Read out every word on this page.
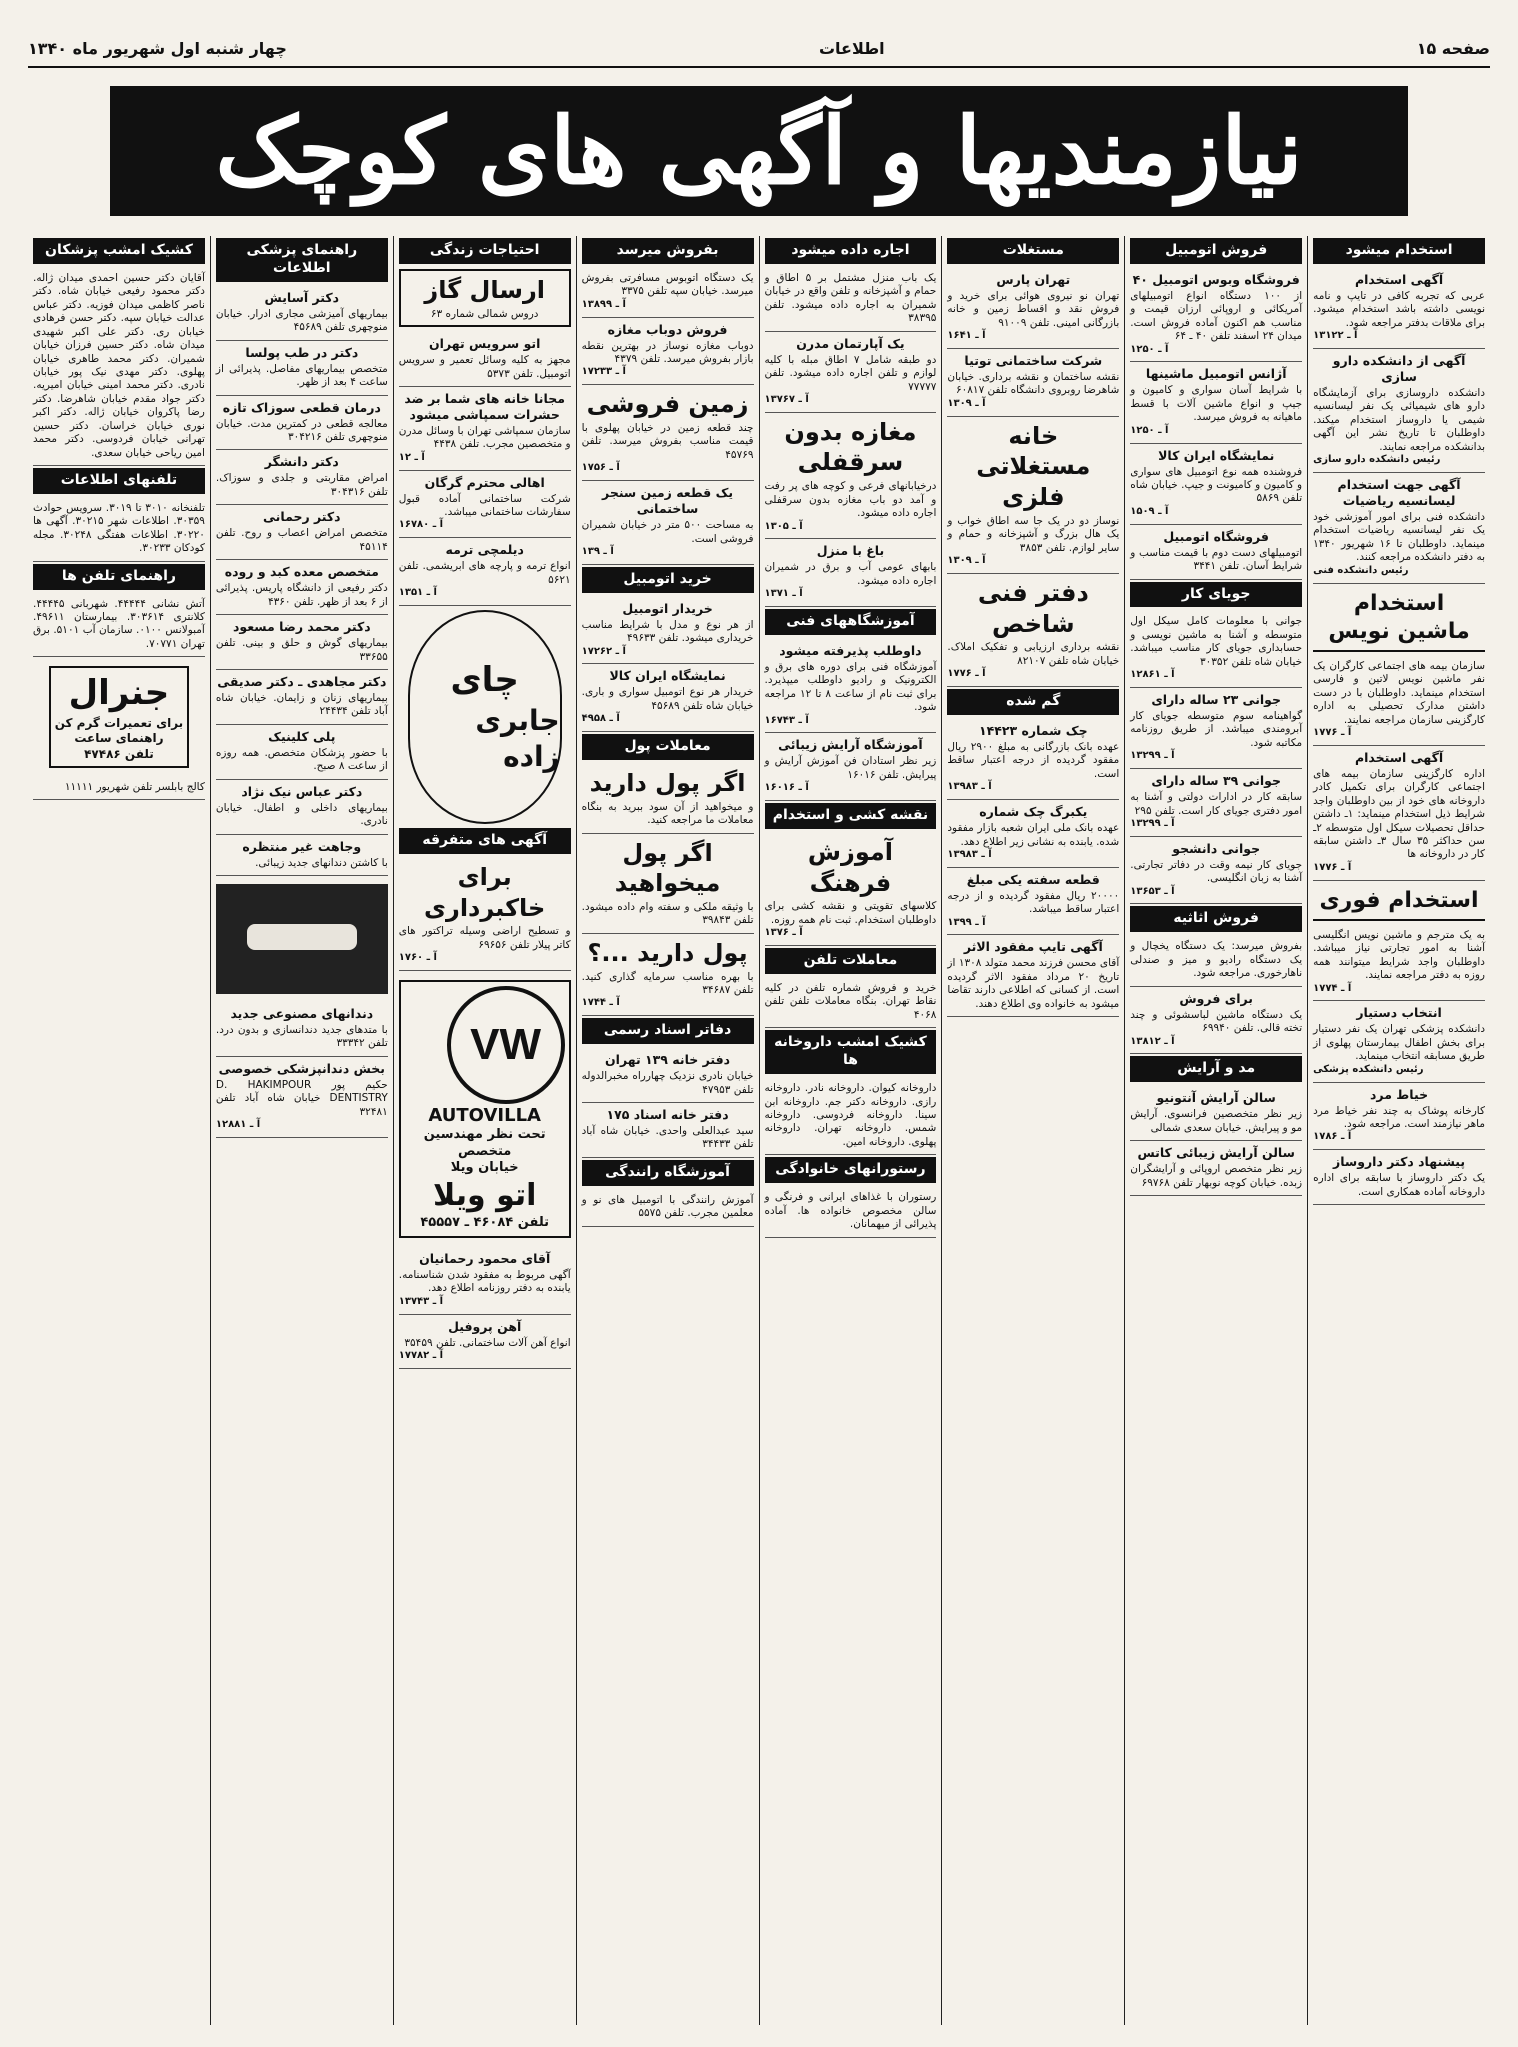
صفحه ۱۵
اطلاعات
چهار شنبه اول شهریور ماه ۱۳۴۰
نیازمندیها و آگهی های کوچک
استخدام میشود
آگهی استخدام
عربی که تجربه کافی در تایپ و نامه نویسی داشته باشد استخدام میشود. برای ملاقات بدفتر مراجعه شود.
آ ـ ۱۳۱۲۲
آگهی از دانشکده دارو سازی
دانشکده داروسازی برای آزمایشگاه دارو های شیمیائی یک نفر لیسانسیه شیمی یا داروساز استخدام میکند. داوطلبان تا تاریخ نشر این آگهی بدانشکده مراجعه نمایند.
رئیس دانشکده دارو سازی
آگهی جهت استخدام لیسانسیه ریاضیات
دانشکده فنی برای امور آموزشی خود یک نفر لیسانسیه ریاضیات استخدام مینماید. داوطلبان تا ۱۶ شهریور ۱۳۴۰ به دفتر دانشکده مراجعه کنند.
رئیس دانشکده فنی
استخدام ماشین نویس
سازمان بیمه های اجتماعی کارگران یک نفر ماشین نویس لاتین و فارسی استخدام مینماید. داوطلبان با در دست داشتن مدارک تحصیلی به اداره کارگزینی سازمان مراجعه نمایند.
آ ـ ۱۷۷۶
آگهی استخدام
اداره کارگزینی سازمان بیمه های اجتماعی کارگران برای تکمیل کادر داروخانه های خود از بین داوطلبان واجد شرایط ذیل استخدام مینماید: ۱ـ داشتن حداقل تحصیلات سیکل اول متوسطه ۲ـ سن حداکثر ۳۵ سال ۳ـ داشتن سابقه کار در داروخانه ها
آ ـ ۱۷۷۶
استخدام فوری
به یک مترجم و ماشین نویس انگلیسی آشنا به امور تجارتی نیاز میباشد. داوطلبان واجد شرایط میتوانند همه روزه به دفتر مراجعه نمایند.
آ ـ ۱۷۷۴
انتخاب دستیار
دانشکده پزشکی تهران یک نفر دستیار برای بخش اطفال بیمارستان پهلوی از طریق مسابقه انتخاب مینماید.
رئیس دانشکده پزشکی
خیاط مرد
کارخانه پوشاک به چند نفر خیاط مرد ماهر نیازمند است. مراجعه شود.
آ ـ ۱۷۸۶
پیشنهاد دکتر داروساز
یک دکتر داروساز با سابقه برای اداره داروخانه آماده همکاری است.
فروش اتومبیل
فروشگاه وبوس اتومبیل ۴۰
از ۱۰۰ دستگاه انواع اتومبیلهای آمریکائی و اروپائی ارزان قیمت و مناسب هم اکنون آماده فروش است. میدان ۲۴ اسفند تلفن ۴۰ ـ ۶۴
آ ـ ۱۲۵۰
آژانس اتومبیل ماشینها
با شرایط آسان سواری و کامیون و جیپ و انواع ماشین آلات با قسط ماهیانه به فروش میرسد.
آ ـ ۱۲۵۰
نمایشگاه ایران کالا
فروشنده همه نوع اتومبیل های سواری و کامیون و کامیونت و جیپ. خیابان شاه تلفن ۵۸۶۹
آ ـ ۱۵۰۹
فروشگاه اتومبیل
اتومبیلهای دست دوم با قیمت مناسب و شرایط آسان. تلفن ۳۴۴۱
جویای کار
جوانی با معلومات کامل سیکل اول متوسطه و آشنا به ماشین نویسی و حسابداری جویای کار مناسب میباشد. خیابان شاه تلفن ۳۰۳۵۲
آ ـ ۱۲۸۶۱
جوانی ۲۳ ساله دارای
گواهینامه سوم متوسطه جویای کار آبرومندی میباشد. از طریق روزنامه مکاتبه شود.
آ ـ ۱۳۲۹۹
جوانی ۳۹ ساله دارای
سابقه کار در ادارات دولتی و آشنا به امور دفتری جویای کار است. تلفن ۲۹۵
آ ـ ۱۳۲۹۹
جوانی دانشجو
جویای کار نیمه وقت در دفاتر تجارتی. آشنا به زبان انگلیسی.
آ ـ ۱۳۶۵۳
فروش اثاثیه
بفروش میرسد: یک دستگاه یخچال و یک دستگاه رادیو و میز و صندلی ناهارخوری. مراجعه شود.
برای فروش
یک دستگاه ماشین لباسشوئی و چند تخته قالی. تلفن ۶۹۹۴۰
آ ـ ۱۳۸۱۲
مد و آرایش
سالن آرایش آنتونیو
زیر نظر متخصصین فرانسوی. آرایش مو و پیرایش. خیابان سعدی شمالی
سالن آرایش زیبائی کاتس
زیر نظر متخصص اروپائی و آرایشگران زبده. خیابان کوچه نوبهار تلفن ۶۹۷۶۸
مستغلات
تهران پارس
تهران نو نیروی هوائی برای خرید و فروش نقد و اقساط زمین و خانه بازرگانی امینی. تلفن ۹۱۰۰۹
آ ـ ۱۶۴۱
شرکت ساختمانی توتیا
نقشه ساختمان و نقشه برداری. خیابان شاهرضا روبروی دانشگاه تلفن ۶۰۸۱۷
آ ـ ۱۳۰۹
خانه مستغلاتی فلزی
نوساز دو در یک جا سه اطاق خواب و یک هال بزرگ و آشپزخانه و حمام و سایر لوازم. تلفن ۳۸۵۳
آ ـ ۱۳۰۹
دفتر فنی شاخص
نقشه برداری ارزیابی و تفکیک املاک. خیابان شاه تلفن ۸۲۱۰۷
آ ـ ۱۷۷۶
گم شده
چک شماره ۱۴۴۲۳
عهده بانک بازرگانی به مبلغ ۲۹۰۰ ریال مفقود گردیده از درجه اعتبار ساقط است.
آ ـ ۱۳۹۸۳
یکبرگ چک شماره
عهده بانک ملی ایران شعبه بازار مفقود شده. یابنده به نشانی زیر اطلاع دهد.
آ ـ ۱۳۹۸۳
قطعه سفته یکی مبلغ
۲۰۰۰۰ ریال مفقود گردیده و از درجه اعتبار ساقط میباشد.
آ ـ ۱۳۹۹
آگهی تایپ مفقود الاثر
آقای محسن فرزند محمد متولد ۱۳۰۸ از تاریخ ۲۰ مرداد مفقود الاثر گردیده است. از کسانی که اطلاعی دارند تقاضا میشود به خانواده وی اطلاع دهند.
اجاره داده میشود
یک باب منزل مشتمل بر ۵ اطاق و حمام و آشپزخانه و تلفن واقع در خیابان شمیران به اجاره داده میشود. تلفن ۳۸۳۹۵
یک آپارتمان مدرن
دو طبقه شامل ۷ اطاق مبله با کلیه لوازم و تلفن اجاره داده میشود. تلفن ۷۷۷۷۷
آ ـ ۱۳۷۶۷
مغازه بدون سرقفلی
درخیابانهای فرعی و کوچه های پر رفت و آمد دو باب مغازه بدون سرقفلی اجاره داده میشود.
آ ـ ۱۳۰۵
باغ با منزل
بابهای عومی آب و برق در شمیران اجاره داده میشود.
آ ـ ۱۳۷۱
آموزشگاههای فنی
داوطلب پذیرفته میشود
آموزشگاه فنی برای دوره های برق و الکترونیک و رادیو داوطلب میپذیرد. برای ثبت نام از ساعت ۸ تا ۱۲ مراجعه شود.
آ ـ ۱۶۷۴۳
آموزشگاه آرایش زیبائی
زیر نظر استادان فن آموزش آرایش و پیرایش. تلفن ۱۶۰۱۶
آ ـ ۱۶۰۱۶
نقشه کشی و استخدام
آموزش فرهنگ
کلاسهای تقویتی و نقشه کشی برای داوطلبان استخدام. ثبت نام همه روزه.
آ ـ ۱۳۷۶
معاملات تلفن
خرید و فروش شماره تلفن در کلیه نقاط تهران. بنگاه معاملات تلفن تلفن ۴۰۶۸
کشیک امشب داروخانه ها
داروخانه کیوان. داروخانه نادر. داروخانه رازی. داروخانه دکتر جم. داروخانه ابن سینا. داروخانه فردوسی. داروخانه شمس. داروخانه تهران. داروخانه پهلوی. داروخانه امین.
رستورانهای خانوادگی
رستوران با غذاهای ایرانی و فرنگی و سالن مخصوص خانواده ها. آماده پذیرائی از میهمانان.
بفروش میرسد
یک دستگاه اتوبوس مسافرتی بفروش میرسد. خیابان سپه تلفن ۳۳۷۵
آ ـ ۱۳۸۹۹
فروش دوباب مغازه
دوباب مغازه نوساز در بهترین نقطه بازار بفروش میرسد. تلفن ۴۳۷۹
آ ـ ۱۷۲۳۳
زمین فروشی
چند قطعه زمین در خیابان پهلوی با قیمت مناسب بفروش میرسد. تلفن ۴۵۷۶۹
آ ـ ۱۷۵۶
یک قطعه زمین سنجر ساختمانی
به مساحت ۵۰۰ متر در خیابان شمیران فروشی است.
آ ـ ۱۳۹
خرید اتومبیل
خریدار اتومبیل
از هر نوع و مدل با شرایط مناسب خریداری میشود. تلفن ۴۹۶۳۳
آ ـ ۱۷۲۶۲
نمایشگاه ایران کالا
خریدار هر نوع اتومبیل سواری و باری. خیابان شاه تلفن ۴۵۶۸۹
آ ـ ۴۹۵۸
معاملات پول
اگر پول دارید
و میخواهید از آن سود ببرید به بنگاه معاملات ما مراجعه کنید.
اگر پول میخواهید
با وثیقه ملکی و سفته وام داده میشود. تلفن ۳۹۸۴۳
پول دارید ...؟
با بهره مناسب سرمایه گذاری کنید. تلفن ۳۴۶۸۷
آ ـ ۱۷۴۴
دفاتر اسناد رسمی
دفتر خانه ۱۳۹ تهران
خیابان نادری نزدیک چهارراه مخبرالدوله تلفن ۴۷۹۵۳
دفتر خانه اسناد ۱۷۵
سید عبدالعلی واحدی. خیابان شاه آباد تلفن ۳۴۴۳۳
آموزشگاه رانندگی
آموزش رانندگی با اتومبیل های نو و معلمین مجرب. تلفن ۵۵۷۵
احتیاجات زندگی
ارسال گاز
دروس شمالی شماره ۶۳
اتو سرویس تهران
مجهز به کلیه وسائل تعمیر و سرویس اتومبیل. تلفن ۵۳۷۳
مجانا خانه های شما بر ضد حشرات سمپاشی میشود
سازمان سمپاشی تهران با وسائل مدرن و متخصصین مجرب. تلفن ۴۴۳۸
آ ـ ۱۲
اهالی محترم گرگان
شرکت ساختمانی آماده قبول سفارشات ساختمانی میباشد.
آ ـ ۱۶۷۸۰
دیلمچی ترمه
انواع ترمه و پارچه های ابریشمی. تلفن ۵۶۲۱
آ ـ ۱۳۵۱
چای
جابری زاده
آگهی های متفرقه
برای خاکبرداری
و تسطیح اراضی وسیله تراکتور های کاتر پیلار تلفن ۶۹۶۵۶
آ ـ ۱۷۶۰
VW
AUTOVILLA
تحت نظر مهندسین متخصص
خیابان ویلا
اتو ویلا
تلفن ۴۶۰۸۴ ـ ۴۵۵۵۷
آقای محمود رحمانیان
آگهی مربوط به مفقود شدن شناسنامه. یابنده به دفتر روزنامه اطلاع دهد.
آ ـ ۱۳۷۴۳
آهن پروفیل
انواع آهن آلات ساختمانی. تلفن ۳۵۴۵۹
آ ـ ۱۷۷۸۲
راهنمای پزشکی اطلاعات
دکتر آسایش
بیماریهای آمیزشی مجاری ادرار. خیابان منوچهری تلفن ۴۵۶۸۹
دکتر در طب پولسا
متخصص بیماریهای مفاصل. پذیرائی از ساعت ۴ بعد از ظهر.
درمان قطعی سوزاک تازه
معالجه قطعی در کمترین مدت. خیابان منوچهری تلفن ۳۰۴۲۱۶
دکتر دانشگر
امراض مقاربتی و جلدی و سوزاک. تلفن ۳۰۴۳۱۶
دکتر رحمانی
متخصص امراض اعصاب و روح. تلفن ۴۵۱۱۴
متخصص معده کبد و روده
دکتر رفیعی از دانشگاه پاریس. پذیرائی از ۶ بعد از ظهر. تلفن ۴۳۶۰
دکتر محمد رضا مسعود
بیماریهای گوش و حلق و بینی. تلفن ۳۳۶۵۵
دکتر مجاهدی ـ دکتر صدیقی
بیماریهای زنان و زایمان. خیابان شاه آباد تلفن ۲۴۴۳۴
پلی کلینیک
با حضور پزشکان متخصص. همه روزه از ساعت ۸ صبح.
دکتر عباس نیک نژاد
بیماریهای داخلی و اطفال. خیابان نادری.
وجاهت غیر منتظره
با کاشتن دندانهای جدید زیبائی.
دندانهای مصنوعی جدید
با متدهای جدید دندانسازی و بدون درد. تلفن ۳۳۳۴۲
بخش دندانپزشکی خصوصی
حکیم پور D. HAKIMPOUR DENTISTRY خیابان شاه آباد تلفن ۳۲۴۸۱
آ ـ ۱۲۸۸۱
کشیک امشب پزشکان
آقایان دکتر حسین احمدی میدان ژاله. دکتر محمود رفیعی خیابان شاه. دکتر ناصر کاظمی میدان فوزیه. دکتر عباس عدالت خیابان سپه. دکتر حسن فرهادی خیابان ری. دکتر علی اکبر شهیدی میدان شاه. دکتر حسین فرزان خیابان شمیران. دکتر محمد طاهری خیابان پهلوی. دکتر مهدی نیک پور خیابان نادری. دکتر محمد امینی خیابان امیریه. دکتر جواد مقدم خیابان شاهرضا. دکتر رضا پاکروان خیابان ژاله. دکتر اکبر نوری خیابان خراسان. دکتر حسین تهرانی خیابان فردوسی. دکتر محمد امین ریاحی خیابان سعدی.
تلفنهای اطلاعات
تلفنخانه ۳۰۱۰ تا ۳۰۱۹. سرویس حوادث ۳۰۳۵۹. اطلاعات شهر ۳۰۲۱۵. آگهی ها ۳۰۲۲۰. اطلاعات هفتگی ۳۰۲۴۸. مجله کودکان ۳۰۲۳۳.
راهنمای تلفن ها
آتش نشانی ۴۴۴۴۴. شهربانی ۴۴۴۴۵. کلانتری ۳۰۳۶۱۴. بیمارستان ۴۹۶۱۱. آمبولانس ۰۱۰۰. سازمان آب ۵۱۰۱. برق تهران ۷۰۷۷۱.
جنرال
برای تعمیرات گرم کن
راهنمای ساعت
تلفن ۴۷۴۸۶
کالج بابلسر تلفن شهریور ۱۱۱۱۱
